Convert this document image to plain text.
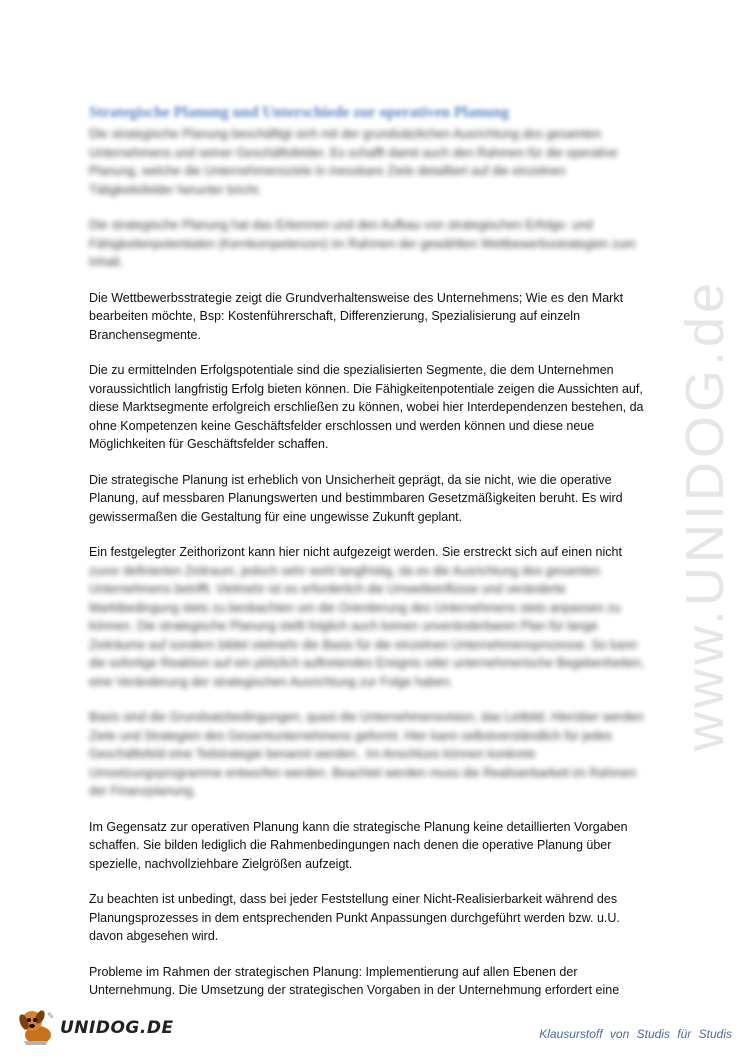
Strategische Planung und Unterschiede zur operativen Planung

Die strategische Planung beschäftigt sich mit der grundsätzlichen Ausrichtung des gesamten Unternehmens und seiner Geschäftsfelder. Es schafft damit auch den Rahmen für die operative Planung, welche die Unternehmensziele in messbare Ziele detailliert auf die einzelnen Tätigkeitsfelder herunter bricht.

Die strategische Planung hat das Erkennen und den Aufbau von strategischen Erfolgs- und Fähigkeitenpotentialen (Kernkompetenzen) im Rahmen der gewählten Wettbewerbsstrategien zum Inhalt.

Die Wettbewerbsstrategie zeigt die Grundverhaltensweise des Unternehmens; Wie es den Markt bearbeiten möchte, Bsp: Kostenführerschaft, Differenzierung, Spezialisierung auf einzeln Branchensegmente.

Die zu ermittelnden Erfolgspotentiale sind die spezialisierten Segmente, die dem Unternehmen voraussichtlich langfristig Erfolg bieten können. Die Fähigkeitenpotentiale zeigen die Aussichten auf, diese Marktsegmente erfolgreich erschließen zu können, wobei hier Interdependenzen bestehen, da ohne Kompetenzen keine Geschäftsfelder erschlossen und werden können und diese neue Möglichkeiten für Geschäftsfelder schaffen.

Die strategische Planung ist erheblich von Unsicherheit geprägt, da sie nicht, wie die operative Planung, auf messbaren Planungswerten und bestimmbaren Gesetzmäßigkeiten beruht. Es wird gewissermaßen die Gestaltung für eine ungewisse Zukunft geplant.

Ein festgelegter Zeithorizont kann hier nicht aufgezeigt werden. Sie erstreckt sich auf einen nicht
zuvor definierten Zeitraum, jedoch sehr wohl langfristig, da es die Ausrichtung des gesamten Unternehmens betrifft. Vielmehr ist es erforderlich die Umwelteinflüsse und veränderte Marktbedingung stets zu beobachten um die Orientierung des Unternehmens stets anpassen zu können. Die strategische Planung stellt folglich auch keinen unveränderbaren Plan für lange Zeiträume auf sondern bildet vielmehr die Basis für die einzelnen Unternehmensprozesse. So kann die sofortige Reaktion auf ein plötzlich auftretendes Ereignis oder unternehmerische Begebenheiten, eine Veränderung der strategischen Ausrichtung zur Folge haben.

Basis sind die Grundsatzbedingungen, quasi die Unternehmensvision, das Leitbild. Hierüber werden Ziele und Strategien des Gesamtunternehmens geformt. Hier kann selbstverständlich für jedes Geschäftsfeld eine Teilstrategie benannt werden.. Im Anschluss können konkrete Umsetzungsprogramme entworfen werden. Beachtet werden muss die Realisierbarkeit im Rahmen der Finanzplanung.

Im Gegensatz zur operativen Planung kann die strategische Planung keine detaillierten Vorgaben schaffen. Sie bilden lediglich die Rahmenbedingungen nach denen die operative Planung über spezielle, nachvollziehbare Zielgrößen aufzeigt.

Zu beachten ist unbedingt, dass bei jeder Feststellung einer Nicht-Realisierbarkeit während des Planungsprozesses in dem entsprechenden Punkt Anpassungen durchgeführt werden bzw. u.U. davon abgesehen wird.

Probleme im Rahmen der strategischen Planung: Implementierung auf allen Ebenen der Unternehmung. Die Umsetzung der strategischen Vorgaben in der Unternehmung erfordert eine

www.UNIDOG.de
✎
UNIDOG.DE	Klausurstoff von Studis für Studis
